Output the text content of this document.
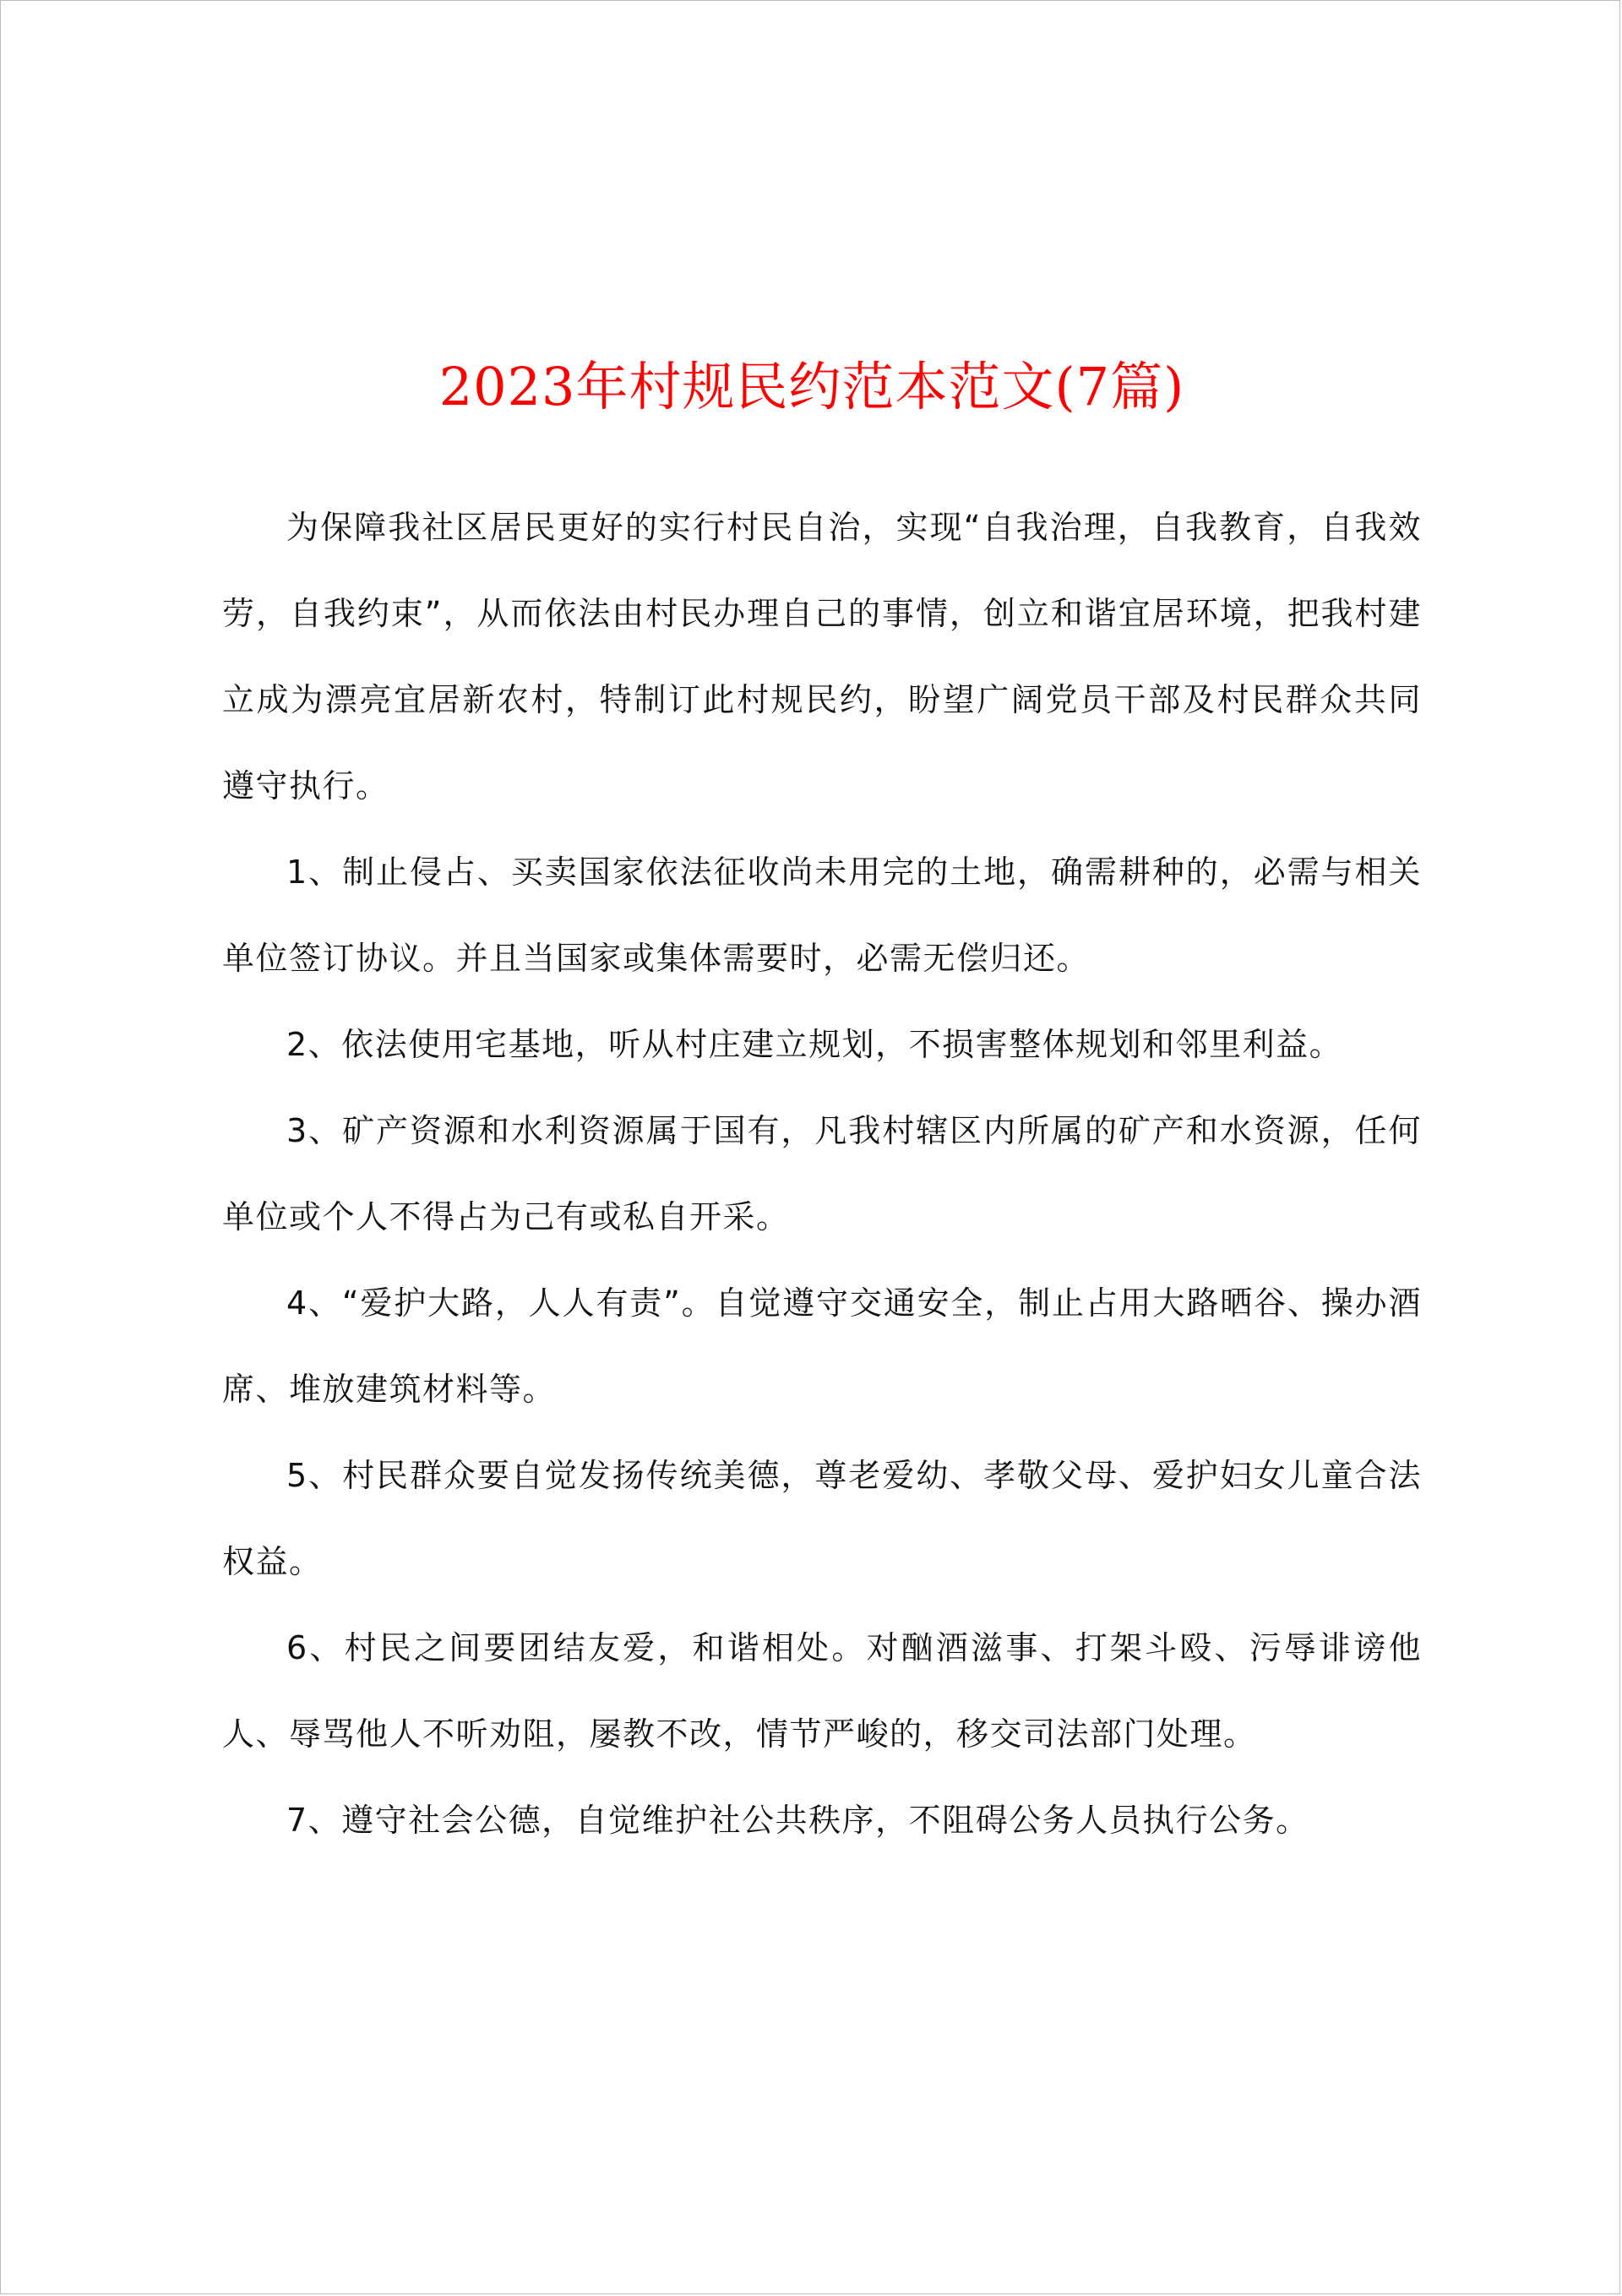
2023年村规民约范本范文(7篇)

为保障我社区居民更好的实行村民自治，实现“自我治理，自我教育，自我效劳，自我约束”，从而依法由村民办理自己的事情，创立和谐宜居环境，把我村建立成为漂亮宜居新农村，特制订此村规民约，盼望广阔党员干部及村民群众共同遵守执行。

1、制止侵占、买卖国家依法征收尚未用完的土地，确需耕种的，必需与相关单位签订协议。并且当国家或集体需要时，必需无偿归还。

2、依法使用宅基地，听从村庄建立规划，不损害整体规划和邻里利益。

3、矿产资源和水利资源属于国有，凡我村辖区内所属的矿产和水资源，任何单位或个人不得占为己有或私自开采。

4、“爱护大路，人人有责”。自觉遵守交通安全，制止占用大路晒谷、操办酒席、堆放建筑材料等。

5、村民群众要自觉发扬传统美德，尊老爱幼、孝敬父母、爱护妇女儿童合法权益。

6、村民之间要团结友爱，和谐相处。对酗酒滋事、打架斗殴、污辱诽谤他人、辱骂他人不听劝阻，屡教不改，情节严峻的，移交司法部门处理。

7、遵守社会公德，自觉维护社公共秩序，不阻碍公务人员执行公务。
